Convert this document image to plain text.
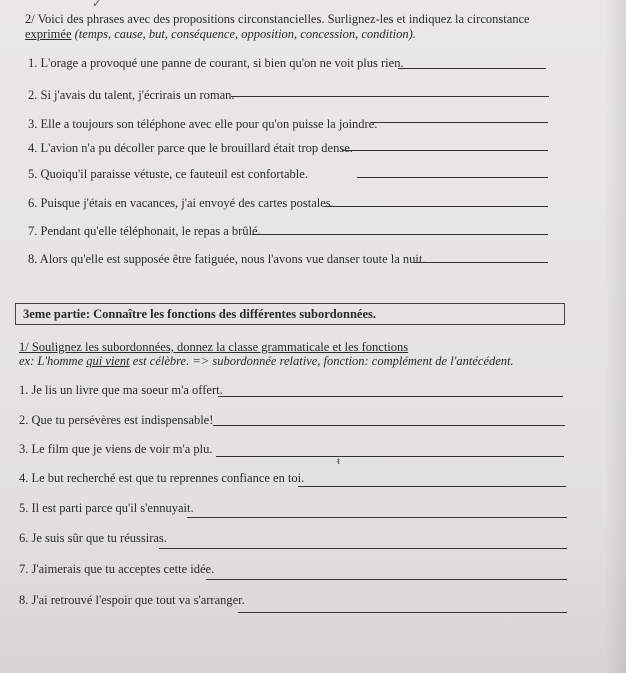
✓
2/ Voici des phrases avec des propositions circonstancielles. Surlignez-les et indiquez la circonstance
exprimée (temps, cause, but, conséquence, opposition, concession, condition).
1. L'orage a provoqué une panne de courant, si bien qu'on ne voit plus rien.
2. Si j'avais du talent, j'écrirais un roman.
3. Elle a toujours son téléphone avec elle pour qu'on puisse la joindre.
4. L'avion n'a pu décoller parce que le brouillard était trop dense.
5. Quoiqu'il paraisse vétuste, ce fauteuil est confortable.
6. Puisque j'étais en vacances, j'ai envoyé des cartes postales.
7. Pendant qu'elle téléphonait, le repas a brûlé.
8. Alors qu'elle est supposée être fatiguée, nous l'avons vue danser toute la nuit.
3eme partie: Connaître les fonctions des différentes subordonnées.
1/ Soulignez les subordonnées, donnez la classe grammaticale et les fonctions
ex: L'homme qui vient est célèbre. => subordonnée relative, fonction: complément de l'antécédent.
1. Je lis un livre que ma soeur m'a offert.
2. Que tu persévères est indispensable!
3. Le film que je viens de voir m'a plu.
ᵵ
4. Le but recherché est que tu reprennes confiance en toi.
5. Il est parti parce qu'il s'ennuyait.
6. Je suis sûr que tu réussiras.
7. J'aimerais que tu acceptes cette idée.
8. J'ai retrouvé l'espoir que tout va s'arranger.
